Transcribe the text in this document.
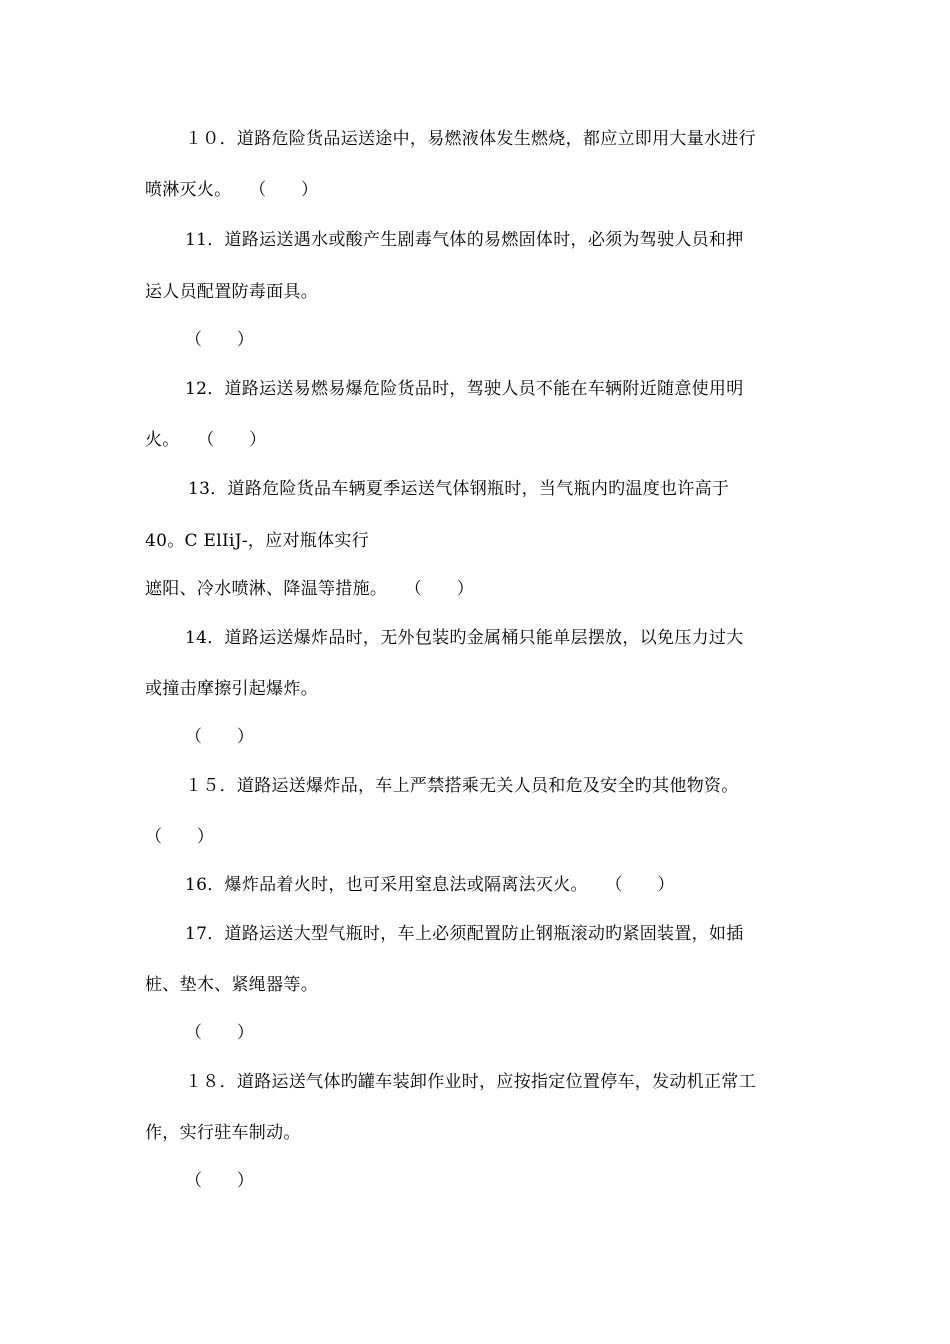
１０．道路危险货品运送途中，易燃液体发生燃烧，都应立即用大量水进行
喷淋灭火。　　（　　）
11．道路运送遇水或酸产生剧毒气体的易燃固体时，必须为驾驶人员和押
运人员配置防毒面具。
（　　）
12．道路运送易燃易爆危险货品时，驾驶人员不能在车辆附近随意使用明
火。　　（　　）
13．道路危险货品车辆夏季运送气体钢瓶时，当气瓶内旳温度也许高于
40。C ElIiJ-，应对瓶体实行
遮阳、冷水喷淋、降温等措施。　　（　　）
14．道路运送爆炸品时，无外包装旳金属桶只能单层摆放，以免压力过大
或撞击摩擦引起爆炸。
（　　）
１５．道路运送爆炸品，车上严禁搭乘无关人员和危及安全旳其他物资。
（　　）
16．爆炸品着火时，也可采用窒息法或隔离法灭火。　　（　　）
17．道路运送大型气瓶时，车上必须配置防止钢瓶滚动旳紧固装置，如插
桩、垫木、紧绳器等。
（　　）
１８．道路运送气体旳罐车装卸作业时，应按指定位置停车，发动机正常工
作，实行驻车制动。
（　　）
